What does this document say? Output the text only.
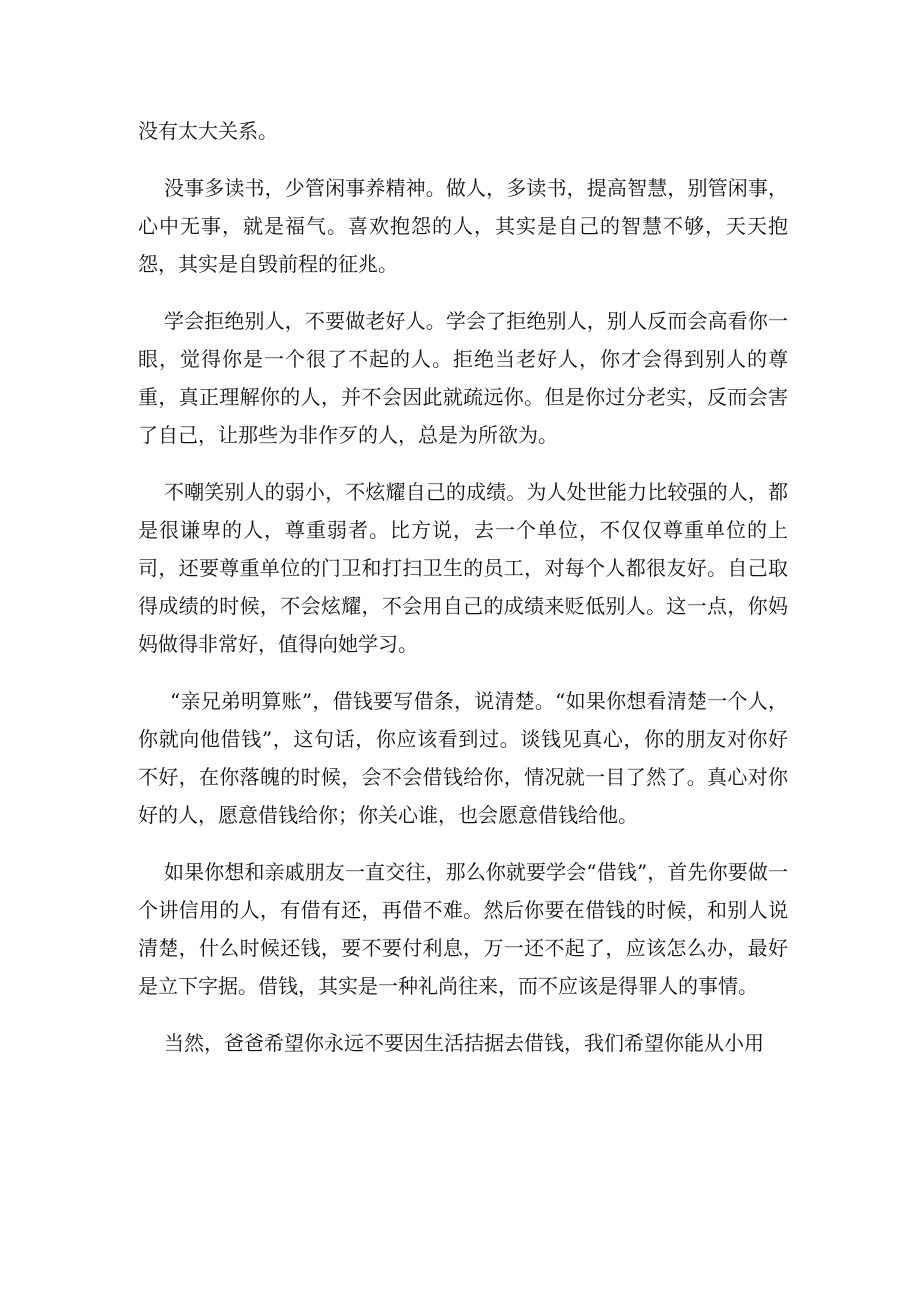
没有太大关系。

没事多读书，少管闲事养精神。做人，多读书，提高智慧，别管闲事，心中无事，就是福气。喜欢抱怨的人，其实是自己的智慧不够，天天抱怨，其实是自毁前程的征兆。

学会拒绝别人，不要做老好人。学会了拒绝别人，别人反而会高看你一眼，觉得你是一个很了不起的人。拒绝当老好人，你才会得到别人的尊重，真正理解你的人，并不会因此就疏远你。但是你过分老实，反而会害了自己，让那些为非作歹的人，总是为所欲为。

不嘲笑别人的弱小，不炫耀自己的成绩。为人处世能力比较强的人，都是很谦卑的人，尊重弱者。比方说，去一个单位，不仅仅尊重单位的上司，还要尊重单位的门卫和打扫卫生的员工，对每个人都很友好。自己取得成绩的时候，不会炫耀，不会用自己的成绩来贬低别人。这一点，你妈妈做得非常好，值得向她学习。

“亲兄弟明算账”，借钱要写借条，说清楚。“如果你想看清楚一个人，你就向他借钱”，这句话，你应该看到过。谈钱见真心，你的朋友对你好不好，在你落魄的时候，会不会借钱给你，情况就一目了然了。真心对你好的人，愿意借钱给你；你关心谁，也会愿意借钱给他。

如果你想和亲戚朋友一直交往，那么你就要学会“借钱”，首先你要做一个讲信用的人，有借有还，再借不难。然后你要在借钱的时候，和别人说清楚，什么时候还钱，要不要付利息，万一还不起了，应该怎么办，最好是立下字据。借钱，其实是一种礼尚往来，而不应该是得罪人的事情。

当然，爸爸希望你永远不要因生活拮据去借钱，我们希望你能从小用
